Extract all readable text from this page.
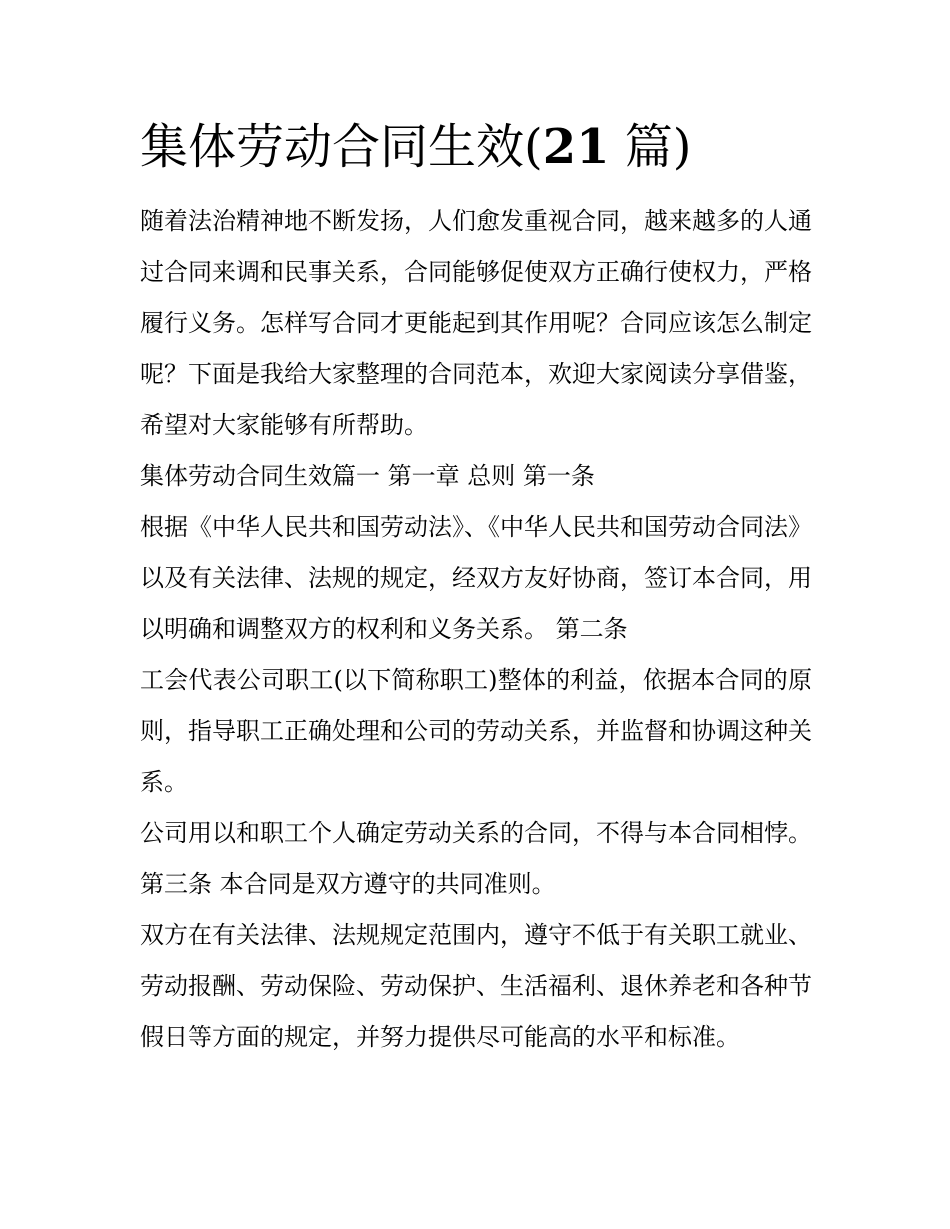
集体劳动合同生效(21 篇)

随着法治精神地不断发扬，人们愈发重视合同，越来越多的人通过合同来调和民事关系，合同能够促使双方正确行使权力，严格履行义务。怎样写合同才更能起到其作用呢？合同应该怎么制定呢？下面是我给大家整理的合同范本，欢迎大家阅读分享借鉴，希望对大家能够有所帮助。

集体劳动合同生效篇一 第一章 总则 第一条

根据《中华人民共和国劳动法》、《中华人民共和国劳动合同法》以及有关法律、法规的规定，经双方友好协商，签订本合同，用以明确和调整双方的权利和义务关系。 第二条

工会代表公司职工(以下简称职工)整体的利益，依据本合同的原则，指导职工正确处理和公司的劳动关系，并监督和协调这种关系。

公司用以和职工个人确定劳动关系的合同，不得与本合同相悖。 第三条 本合同是双方遵守的共同准则。

双方在有关法律、法规规定范围内，遵守不低于有关职工就业、劳动报酬、劳动保险、劳动保护、生活福利、退休养老和各种节假日等方面的规定，并努力提供尽可能高的水平和标准。
